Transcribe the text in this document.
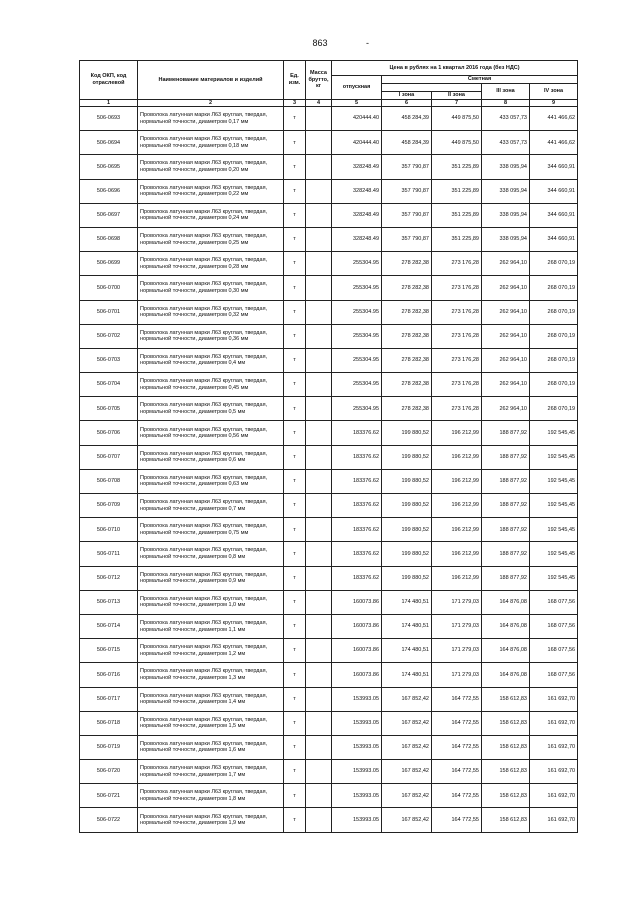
863	-
Код ОКП, код отраслевой	Наименование материалов и изделий	Ед. изм.	Масса брутто, кг	Цена в рублях на 1 квартал 2016 года (без НДС)				
				отпускная	Сметная			
							III зона	IV зона
					I зона	II зона		
1	2	3	4	5	6	7	8	9
506-0693	Проволока латунная марки Л63 круглая, твердая, нормальной точности, диаметром 0,17 мм	т		420444.40	458 284,39	449 875,50	433 057,73	441 466,62
506-0694	Проволока латунная марки Л63 круглая, твердая, нормальной точности, диаметром 0,18 мм	т		420444.40	458 284,39	449 875,50	433 057,73	441 466,62
506-0695	Проволока латунная марки Л63 круглая, твердая, нормальной точности, диаметром 0,20 мм	т		328248.49	357 790,87	351 225,89	338 095,94	344 660,91
506-0696	Проволока латунная марки Л63 круглая, твердая, нормальной точности, диаметром 0,22 мм	т		328248.49	357 790,87	351 225,89	338 095,94	344 660,91
506-0697	Проволока латунная марки Л63 круглая, твердая, нормальной точности, диаметром 0,24 мм	т		328248.49	357 790,87	351 225,89	338 095,94	344 660,91
506-0698	Проволока латунная марки Л63 круглая, твердая, нормальной точности, диаметром 0,25 мм	т		328248.49	357 790,87	351 225,89	338 095,94	344 660,91
506-0699	Проволока латунная марки Л63 круглая, твердая, нормальной точности, диаметром 0,28 мм	т		255304.95	278 282,38	273 176,28	262 964,10	268 070,19
506-0700	Проволока латунная марки Л63 круглая, твердая, нормальной точности, диаметром 0,30 мм	т		255304.95	278 282,38	273 176,28	262 964,10	268 070,19
506-0701	Проволока латунная марки Л63 круглая, твердая, нормальной точности, диаметром 0,32 мм	т		255304.95	278 282,38	273 176,28	262 964,10	268 070,19
506-0702	Проволока латунная марки Л63 круглая, твердая, нормальной точности, диаметром 0,36 мм	т		255304.95	278 282,38	273 176,28	262 964,10	268 070,19
506-0703	Проволока латунная марки Л63 круглая, твердая, нормальной точности, диаметром 0,4 мм	т		255304.95	278 282,38	273 176,28	262 964,10	268 070,19
506-0704	Проволока латунная марки Л63 круглая, твердая, нормальной точности, диаметром 0,45 мм	т		255304.95	278 282,38	273 176,28	262 964,10	268 070,19
506-0705	Проволока латунная марки Л63 круглая, твердая, нормальной точности, диаметром 0,5 мм	т		255304.95	278 282,38	273 176,28	262 964,10	268 070,19
506-0706	Проволока латунная марки Л63 круглая, твердая, нормальной точности, диаметром 0,56 мм	т		183376.62	199 880,52	196 212,99	188 877,92	192 545,45
506-0707	Проволока латунная марки Л63 круглая, твердая, нормальной точности, диаметром 0,6 мм	т		183376.62	199 880,52	196 212,99	188 877,92	192 545,45
506-0708	Проволока латунная марки Л63 круглая, твердая, нормальной точности, диаметром 0,63 мм	т		183376.62	199 880,52	196 212,99	188 877,92	192 545,45
506-0709	Проволока латунная марки Л63 круглая, твердая, нормальной точности, диаметром 0,7 мм	т		183376.62	199 880,52	196 212,99	188 877,92	192 545,45
506-0710	Проволока латунная марки Л63 круглая, твердая, нормальной точности, диаметром 0,75 мм	т		183376.62	199 880,52	196 212,99	188 877,92	192 545,45
506-0711	Проволока латунная марки Л63 круглая, твердая, нормальной точности, диаметром 0,8 мм	т		183376.62	199 880,52	196 212,99	188 877,92	192 545,45
506-0712	Проволока латунная марки Л63 круглая, твердая, нормальной точности, диаметром 0,9 мм	т		183376.62	199 880,52	196 212,99	188 877,92	192 545,45
506-0713	Проволока латунная марки Л63 круглая, твердая, нормальной точности, диаметром 1,0 мм	т		160073.86	174 480,51	171 279,03	164 876,08	168 077,56
506-0714	Проволока латунная марки Л63 круглая, твердая, нормальной точности, диаметром 1,1 мм	т		160073.86	174 480,51	171 279,03	164 876,08	168 077,56
506-0715	Проволока латунная марки Л63 круглая, твердая, нормальной точности, диаметром 1,2 мм	т		160073.86	174 480,51	171 279,03	164 876,08	168 077,56
506-0716	Проволока латунная марки Л63 круглая, твердая, нормальной точности, диаметром 1,3 мм	т		160073.86	174 480,51	171 279,03	164 876,08	168 077,56
506-0717	Проволока латунная марки Л63 круглая, твердая, нормальной точности, диаметром 1,4 мм	т		153993.05	167 852,42	164 772,55	158 612,83	161 692,70
506-0718	Проволока латунная марки Л63 круглая, твердая, нормальной точности, диаметром 1,5 мм	т		153993.05	167 852,42	164 772,55	158 612,83	161 692,70
506-0719	Проволока латунная марки Л63 круглая, твердая, нормальной точности, диаметром 1,6 мм	т		153993.05	167 852,42	164 772,55	158 612,83	161 692,70
506-0720	Проволока латунная марки Л63 круглая, твердая, нормальной точности, диаметром 1,7 мм	т		153993.05	167 852,42	164 772,55	158 612,83	161 692,70
506-0721	Проволока латунная марки Л63 круглая, твердая, нормальной точности, диаметром 1,8 мм	т		153993.05	167 852,42	164 772,55	158 612,83	161 692,70
506-0722	Проволока латунная марки Л63 круглая, твердая, нормальной точности, диаметром 1,9 мм	т		153993.05	167 852,42	164 772,55	158 612,83	161 692,70
